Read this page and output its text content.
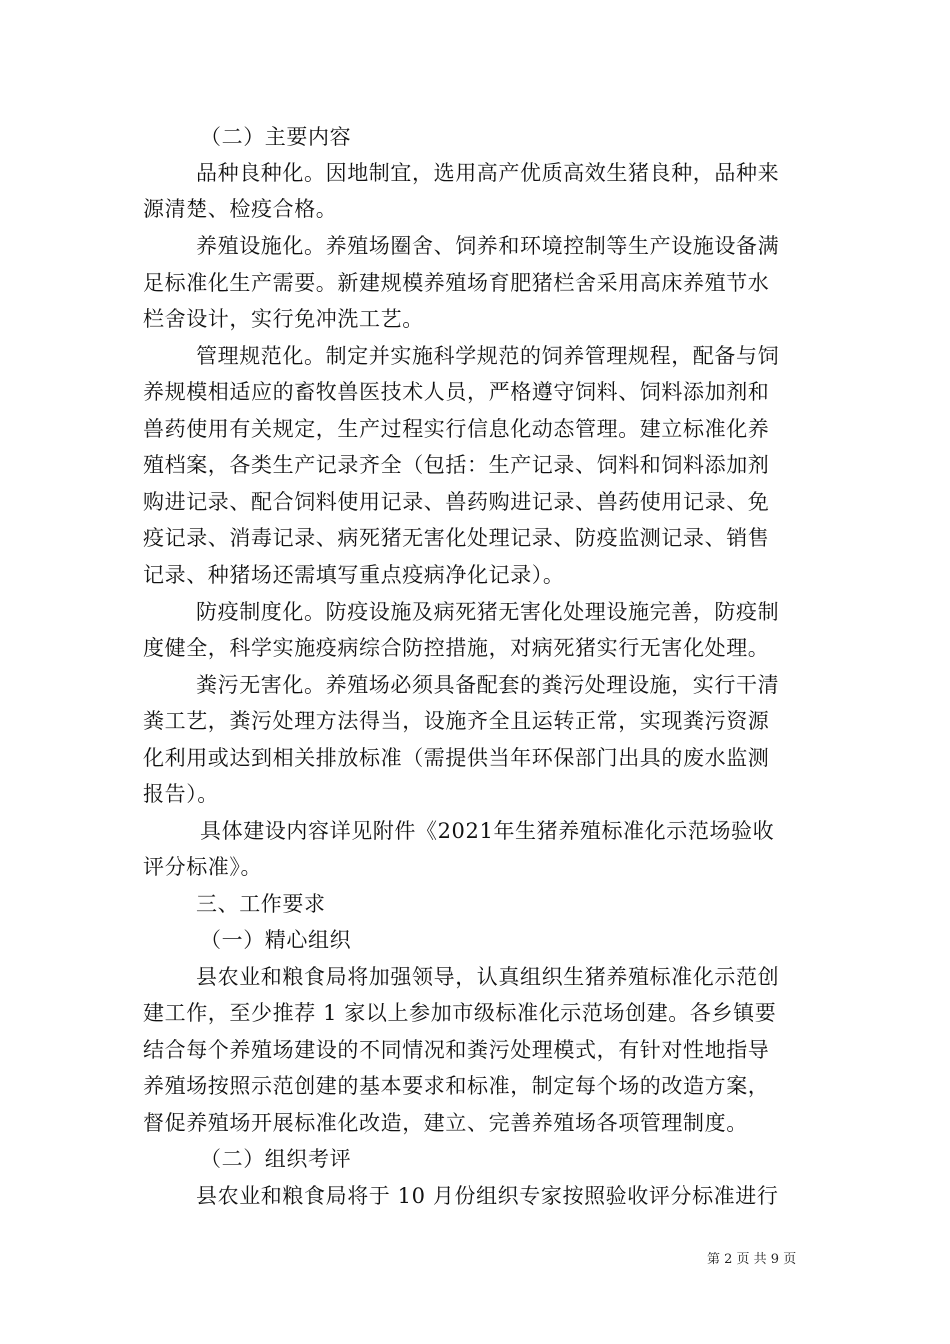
（二）主要内容
品种良种化。因地制宜，选用高产优质高效生猪良种，品种来
源清楚、检疫合格。
养殖设施化。养殖场圈舍、饲养和环境控制等生产设施设备满
足标准化生产需要。新建规模养殖场育肥猪栏舍采用高床养殖节水
栏舍设计，实行免冲洗工艺。
管理规范化。制定并实施科学规范的饲养管理规程，配备与饲
养规模相适应的畜牧兽医技术人员，严格遵守饲料、饲料添加剂和
兽药使用有关规定，生产过程实行信息化动态管理。建立标准化养
殖档案，各类生产记录齐全（包括：生产记录、饲料和饲料添加剂
购进记录、配合饲料使用记录、兽药购进记录、兽药使用记录、免
疫记录、消毒记录、病死猪无害化处理记录、防疫监测记录、销售
记录、种猪场还需填写重点疫病净化记录）。
防疫制度化。防疫设施及病死猪无害化处理设施完善，防疫制
度健全，科学实施疫病综合防控措施，对病死猪实行无害化处理。
粪污无害化。养殖场必须具备配套的粪污处理设施，实行干清
粪工艺，粪污处理方法得当，设施齐全且运转正常，实现粪污资源
化利用或达到相关排放标准（需提供当年环保部门出具的废水监测
报告）。
具体建设内容详见附件《2021年生猪养殖标准化示范场验收
评分标准》。
三、工作要求
（一）精心组织
县农业和粮食局将加强领导，认真组织生猪养殖标准化示范创
建工作，至少推荐 1 家以上参加市级标准化示范场创建。各乡镇要
结合每个养殖场建设的不同情况和粪污处理模式，有针对性地指导
养殖场按照示范创建的基本要求和标准，制定每个场的改造方案，
督促养殖场开展标准化改造，建立、完善养殖场各项管理制度。
（二）组织考评
县农业和粮食局将于 10 月份组织专家按照验收评分标准进行
第 2 页 共 9 页
